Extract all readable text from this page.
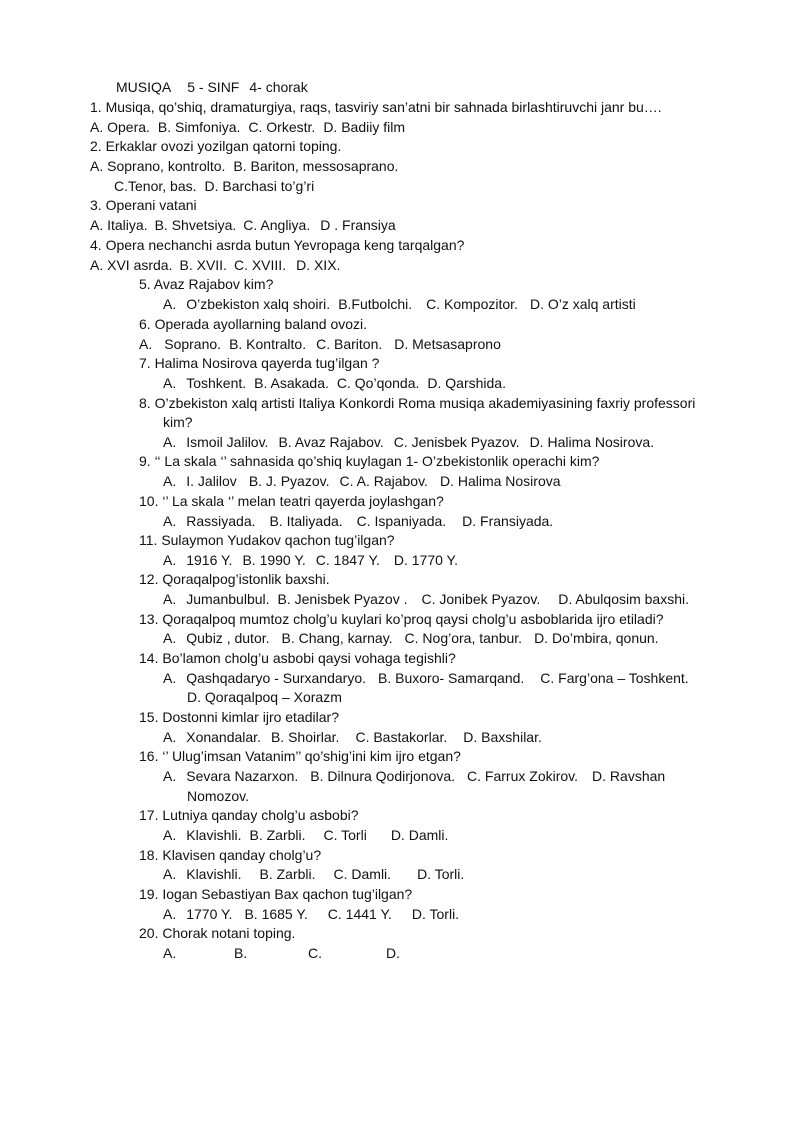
MUSIQA 5 - SINF 4- chorak
1. Musiqa, qo’shiq, dramaturgiya, raqs, tasviriy san’atni bir sahnada birlashtiruvchi janr bu….
A. Opera. B. Simfoniya. C. Orkestr. D. Badiiy film
2. Erkaklar ovozi yozilgan qatorni toping.
A. Soprano, kontrolto. B. Bariton, messosaprano.
C.Tenor, bas. D. Barchasi to’g’ri
3. Operani vatani
A. Italiya. B. Shvetsiya. C. Angliya. D . Fransiya
4. Opera nechanchi asrda butun Yevropaga keng tarqalgan?
A. XVI asrda. B. XVII. C. XVIII. D. XIX.
5. Avaz Rajabov kim?
A. O’zbekiston xalq shoiri. B.Futbolchi. C. Kompozitor. D. O’z xalq artisti
6. Operada ayollarning baland ovozi.
A. Soprano. B. Kontralto. C. Bariton. D. Metsasaprono
7. Halima Nosirova qayerda tug’ilgan ?
A. Toshkent. B. Asakada. C. Qo’qonda. D. Qarshida.
8. O’zbekiston xalq artisti Italiya Konkordi Roma musiqa akademiyasining faxriy professori
kim?
A. Ismoil Jalilov. B. Avaz Rajabov. C. Jenisbek Pyazov. D. Halima Nosirova.
9. ‘‘ La skala ‘’ sahnasida qo’shiq kuylagan 1- O’zbekistonlik operachi kim?
A. I. Jalilov B. J. Pyazov. C. A. Rajabov. D. Halima Nosirova
10. ‘’ La skala ‘’ melan teatri qayerda joylashgan?
A. Rassiyada. B. Italiyada. C. Ispaniyada. D. Fransiyada.
11. Sulaymon Yudakov qachon tug’ilgan?
A. 1916 Y. B. 1990 Y. C. 1847 Y. D. 1770 Y.
12. Qoraqalpog’istonlik baxshi.
A. Jumanbulbul. B. Jenisbek Pyazov . C. Jonibek Pyazov. D. Abulqosim baxshi.
13. Qoraqalpoq mumtoz cholg’u kuylari ko’proq qaysi cholg’u asboblarida ijro etiladi?
A. Qubiz , dutor. B. Chang, karnay. C. Nog’ora, tanbur. D. Do’mbira, qonun.
14. Bo’lamon cholg’u asbobi qaysi vohaga tegishli?
A. Qashqadaryo - Surxandaryo. B. Buxoro- Samarqand. C. Farg’ona – Toshkent.
D. Qoraqalpoq – Xorazm
15. Dostonni kimlar ijro etadilar?
A. Xonandalar. B. Shoirlar. C. Bastakorlar. D. Baxshilar.
16. ‘’ Ulug’imsan Vatanim’’ qo’shig’ini kim ijro etgan?
A. Sevara Nazarxon. B. Dilnura Qodirjonova. C. Farrux Zokirov. D. Ravshan
Nomozov.
17. Lutniya qanday cholg’u asbobi?
A. Klavishli. B. Zarbli. C. Torli D. Damli.
18. Klavisen qanday cholg’u?
A. Klavishli. B. Zarbli. C. Damli. D. Torli.
19. Iogan Sebastiyan Bax qachon tug’ilgan?
A. 1770 Y. B. 1685 Y. C. 1441 Y. D. Torli.
20. Chorak notani toping.
A.	B.	C.	D.
